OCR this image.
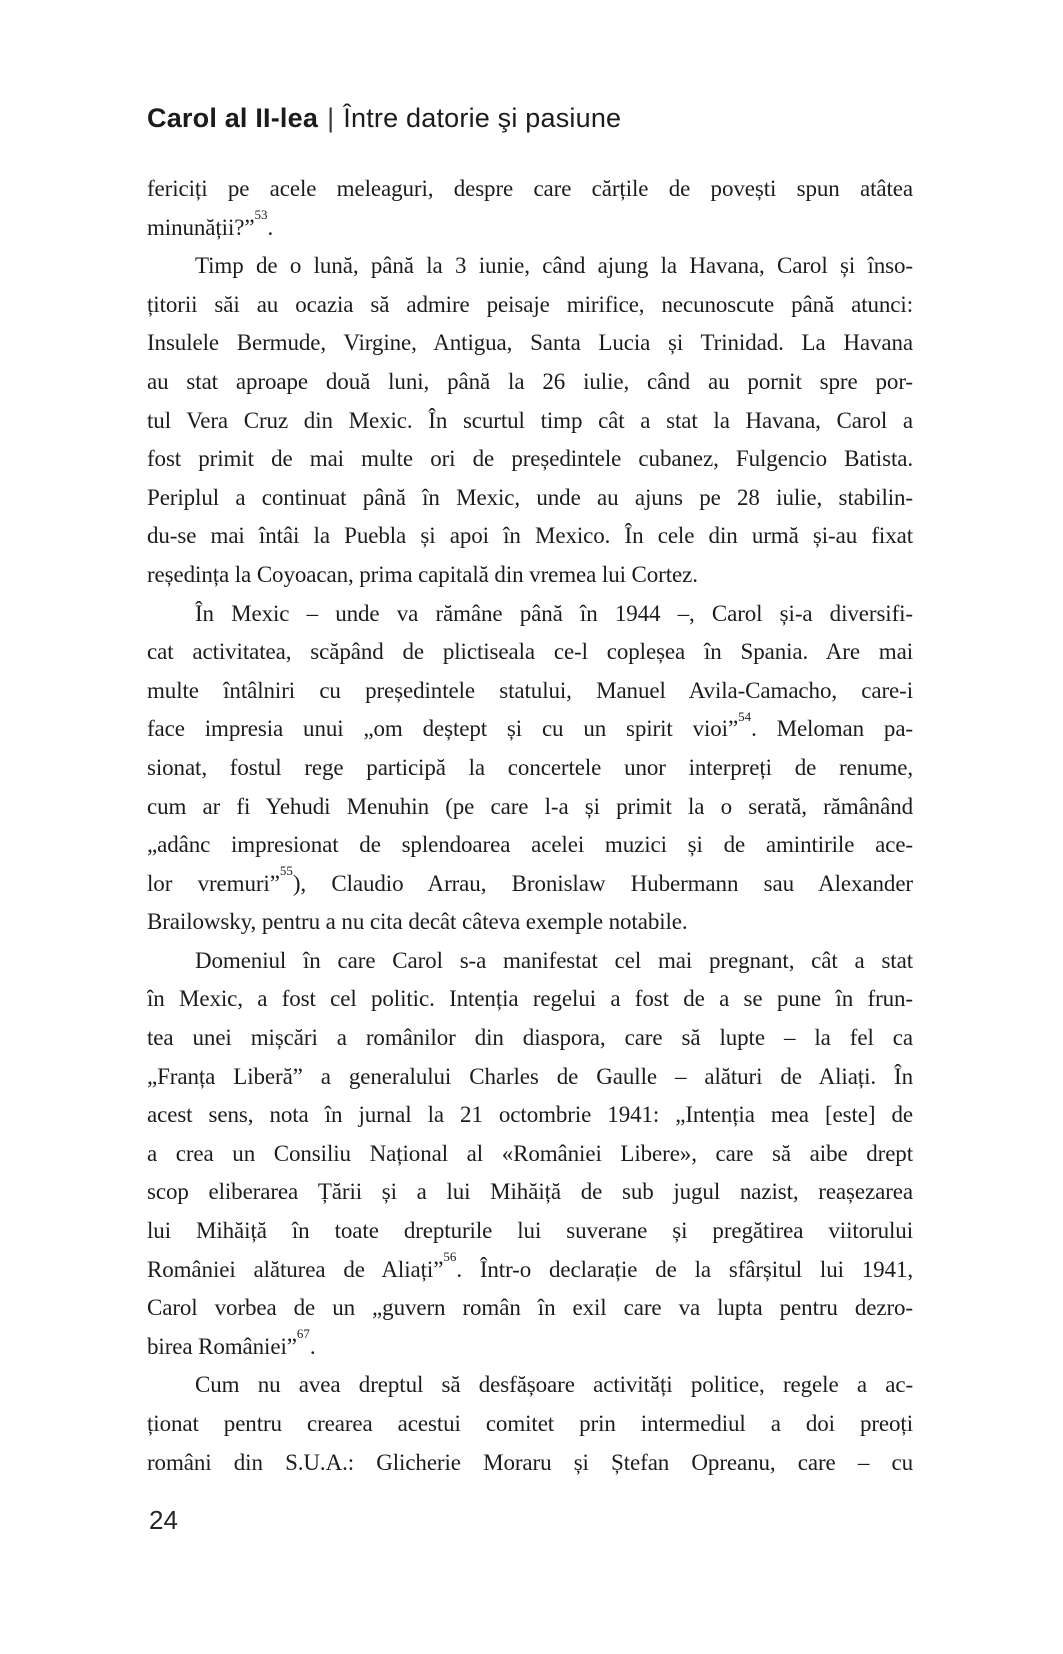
Carol al II-lea | Între datorie şi pasiune
fericiți pe acele meleaguri, despre care cărțile de povești spun atâtea
minunății?”$^{53}$.
Timp de o lună, până la 3 iunie, când ajung la Havana, Carol și înso-
țitorii săi au ocazia să admire peisaje mirifice, necunoscute până atunci:
Insulele Bermude, Virgine, Antigua, Santa Lucia și Trinidad. La Havana
au stat aproape două luni, până la 26 iulie, când au pornit spre por-
tul Vera Cruz din Mexic. În scurtul timp cât a stat la Havana, Carol a
fost primit de mai multe ori de președintele cubanez, Fulgencio Batista.
Periplul a continuat până în Mexic, unde au ajuns pe 28 iulie, stabilin-
du-se mai întâi la Puebla și apoi în Mexico. În cele din urmă și-au fixat
reședința la Coyoacan, prima capitală din vremea lui Cortez.
În Mexic – unde va rămâne până în 1944 –, Carol și-a diversifi-
cat activitatea, scăpând de plictiseala ce-l copleșea în Spania. Are mai
multe întâlniri cu președintele statului, Manuel Avila-Camacho, care-i
face impresia unui „om deștept și cu un spirit vioi”$^{54}$. Meloman pa-
sionat, fostul rege participă la concertele unor interpreți de renume,
cum ar fi Yehudi Menuhin (pe care l-a și primit la o serată, rămânând
„adânc impresionat de splendoarea acelei muzici și de amintirile ace-
lor vremuri”$^{55}$), Claudio Arrau, Bronislaw Hubermann sau Alexander
Brailowsky, pentru a nu cita decât câteva exemple notabile.
Domeniul în care Carol s-a manifestat cel mai pregnant, cât a stat
în Mexic, a fost cel politic. Intenția regelui a fost de a se pune în frun-
tea unei mișcări a românilor din diaspora, care să lupte – la fel ca
„Franța Liberă” a generalului Charles de Gaulle – alături de Aliați. În
acest sens, nota în jurnal la 21 octombrie 1941: „Intenția mea [este] de
a crea un Consiliu Național al «României Libere», care să aibe drept
scop eliberarea Țării și a lui Mihăiță de sub jugul nazist, reașezarea
lui Mihăiță în toate drepturile lui suverane și pregătirea viitorului
României alăturea de Aliați”$^{56}$. Într-o declarație de la sfârșitul lui 1941,
Carol vorbea de un „guvern român în exil care va lupta pentru dezro-
birea României”$^{67}$.
Cum nu avea dreptul să desfășoare activități politice, regele a ac-
ționat pentru crearea acestui comitet prin intermediul a doi preoți
români din S.U.A.: Glicherie Moraru și Ștefan Opreanu, care – cu
24
